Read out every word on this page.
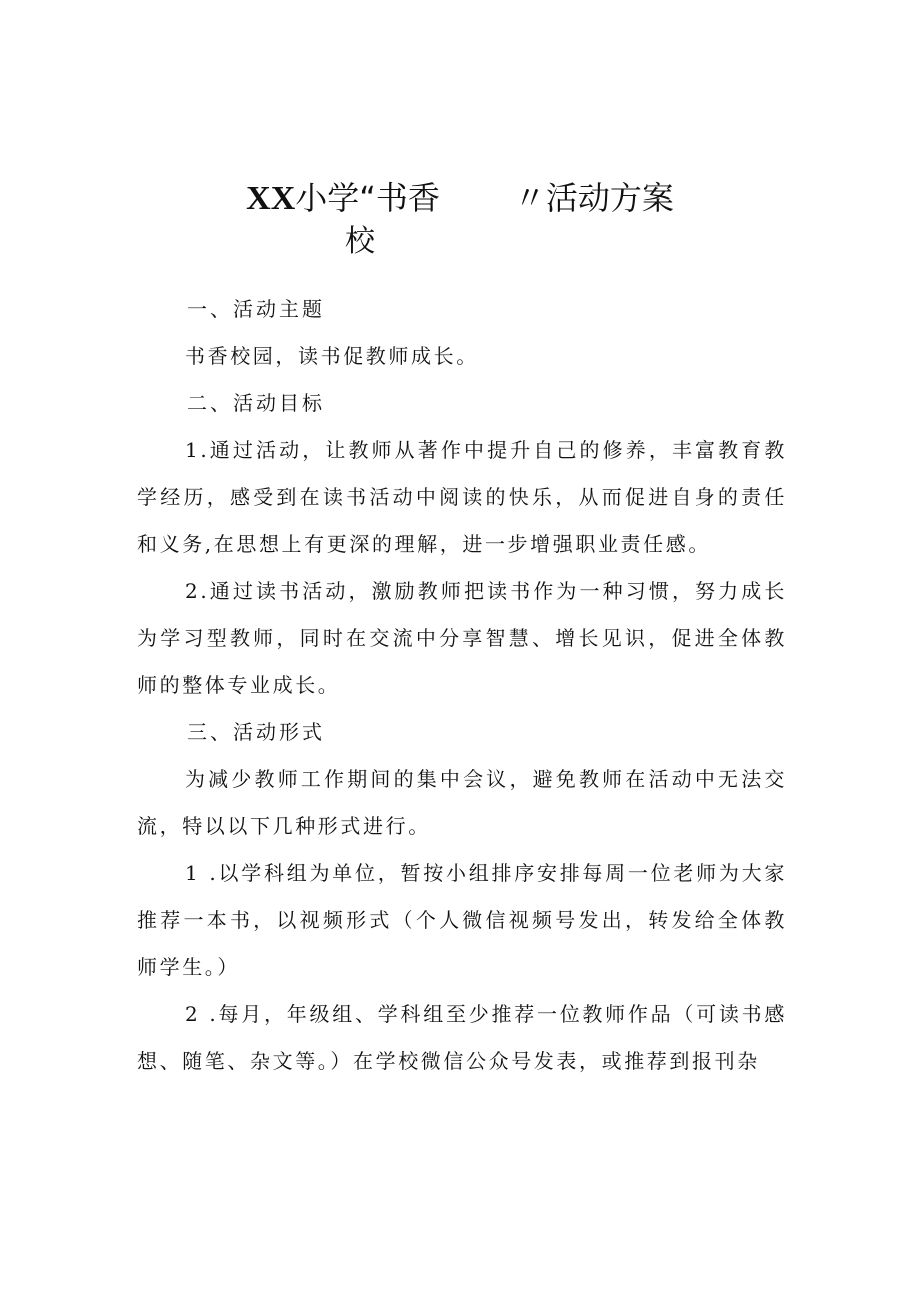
XX小学“书香 〃活动方案
校
一、活动主题
书香校园，读书促教师成长。
二、活动目标
1.通过活动，让教师从著作中提升自己的修养，丰富教育教学经历，感受到在读书活动中阅读的快乐，从而促进自身的责任和义务,在思想上有更深的理解，进一步增强职业责任感。
2.通过读书活动，激励教师把读书作为一种习惯，努力成长为学习型教师，同时在交流中分享智慧、增长见识，促进全体教师的整体专业成长。
三、活动形式
为减少教师工作期间的集中会议，避免教师在活动中无法交流，特以以下几种形式进行。
1 .以学科组为单位，暂按小组排序安排每周一位老师为大家推荐一本书，以视频形式（个人微信视频号发出，转发给全体教师学生。）
2 .每月，年级组、学科组至少推荐一位教师作品（可读书感想、随笔、杂文等。）在学校微信公众号发表，或推荐到报刊杂
